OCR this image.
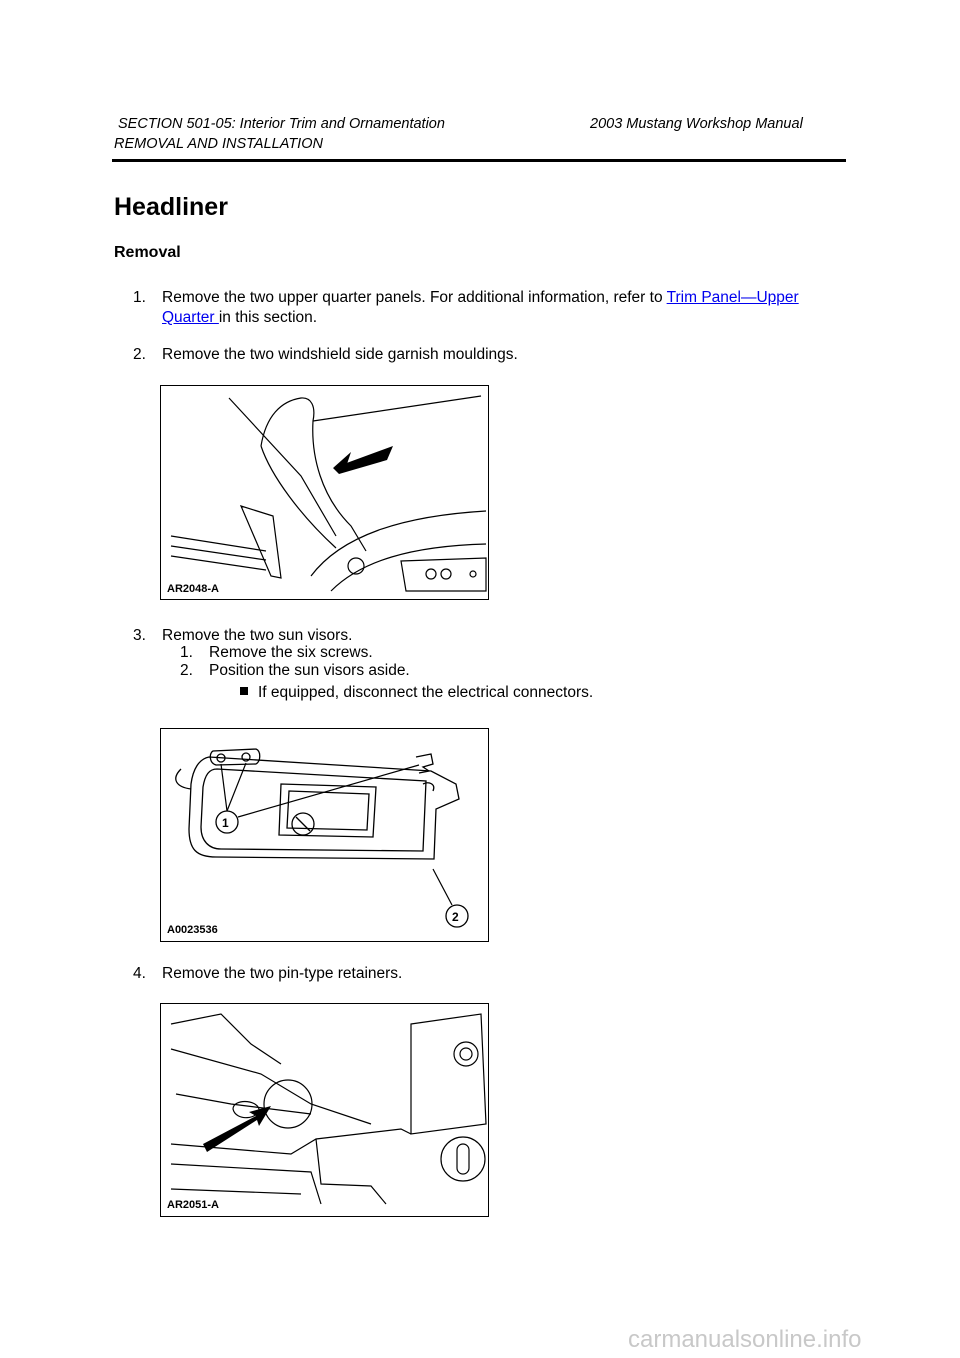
SECTION 501-05: Interior Trim and Ornamentation	2003 Mustang Workshop Manual
REMOVAL AND INSTALLATION
Headliner
Removal
1. Remove the two upper quarter panels. For additional information, refer to Trim Panel—Upper Quarter in this section.
2. Remove the two windshield side garnish mouldings.
AR2048-A
3. Remove the two sun visors.
1. Remove the six screws.
2. Position the sun visors aside.
If equipped, disconnect the electrical connectors.
1
2
A0023536
4. Remove the two pin-type retainers.
AR2051-A
carmanualsonline.info
